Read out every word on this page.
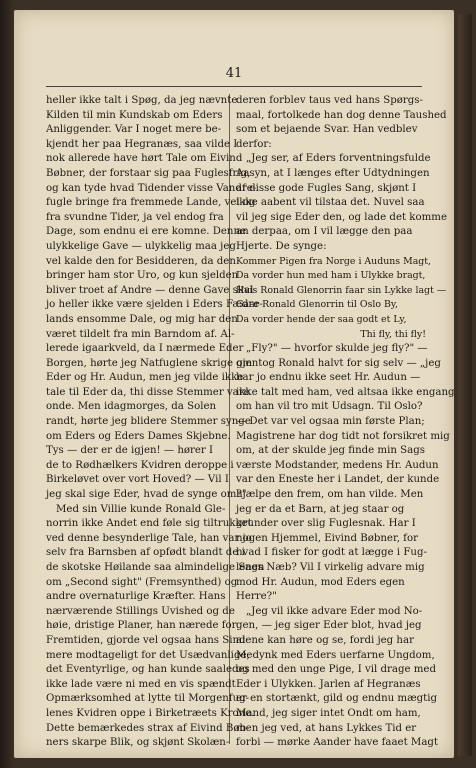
41
heller ikke talt i Spøg, da jeg nævnte
Kilden til min Kundskab om Eders
Anliggender. Var I noget mere be-
kjendt her paa Hegranæs, saa vilde I
nok allerede have hørt Tale om Eivind
Bøbner, der forstaar sig paa Fuglesfrig,
og kan tyde hvad Tidender visse Vandre-
fugle bringe fra fremmede Lande, vel og
fra svundne Tider, ja vel endog fra
Dage, som endnu ei ere komne. Denne
ulykkelige Gave — ulykkelig maa jeg
vel kalde den for Besidderen, da den
bringer ham stor Uro, og kun sjelden
bliver troet af Andre — denne Gave skal
jo heller ikke være sjelden i Eders Fædre-
lands ensomme Dale, og mig har den
været tildelt fra min Barndom af. Al-
lerede igaarkveld, da I nærmede Eder
Borgen, hørte jeg Natfuglene skrige om
Eder og Hr. Audun, men jeg vilde ikke
tale til Eder da, thi disse Stemmer vare
onde. Men idagmorges, da Solen
randt, hørte jeg blidere Stemmer synge
om Eders og Eders Dames Skjebne.
Tys — der er de igjen! — hører I
de to Rødhælkers Kvidren deroppe i
Birkeløvet over vort Hoved? — Vil I
jeg skal sige Eder, hvad de synge om?"
Med sin Villie kunde Ronald Gle-
norrin ikke Andet end føle sig tiltrukket
ved denne besynderlige Tale, han var jo
selv fra Barnsben af opfødt blandt de i
de skotske Høilande saa almindelige Sagn
om „Second sight" (Fremsynthed) og
andre overnaturlige Kræfter. Hans
nærværende Stillings Uvished og de
høie, dristige Planer, han nærede for
Fremtiden, gjorde vel ogsaa hans Sind
mere modtageligt for det Usædvanlige,
det Eventyrlige, og han kunde saaledes
ikke lade være ni med en vis spændt
Opmærksomhed at lytte til Morgenfug-
lenes Kvidren oppe i Birketræets Krone.
Dette bemærkedes strax af Eivind Bøb-
ners skarpe Blik, og skjønt Skolæn-
deren forblev taus ved hans Spørgs-
maal, fortolkede han dog denne Taushed
som et bejaende Svar. Han vedblev
derfor:
„Jeg ser, af Eders forventningsfulde
Aasyn, at I længes efter Udtydningen
af disse gode Fugles Sang, skjønt I
ikke aabent vil tilstaa det. Nuvel saa
vil jeg sige Eder den, og lade det komme
an derpaa, om I vil lægge den paa
Hjerte. De synge:
Kommer Pigen fra Norge i Auduns Magt,
Da vorder hun med ham i Ulykke bragt,
Hvis Ronald Glenorrin faar sin Lykke lagt —
Gaar Ronald Glenorrin til Oslo By,
Da vorder hende der saa godt et Ly,
Thi fly, thi fly!
„Fly?" — hvorfor skulde jeg fly?" —
gjentog Ronald halvt for sig selv — „jeg
har jo endnu ikke seet Hr. Audun —
ikke talt med ham, ved altsaa ikke engang
om han vil tro mit Udsagn. Til Oslo?
— Det var vel ogsaa min første Plan;
Magistrene har dog tidt not forsikret mig
om, at der skulde jeg finde min Sags
værste Modstander, medens Hr. Audun
var den Eneste her i Landet, der kunde
hjælpe den frem, om han vilde. Men
jeg er da et Barn, at jeg staar og
grunder over slig Fuglesnak. Har I
nogen Hjemmel, Eivind Bøbner, for
hvad I fisker for godt at lægge i Fug-
lenes Næb? Vil I virkelig advare mig
mod Hr. Audun, mod Eders egen
Herre?"
„Jeg vil ikke advare Eder mod No-
gen, — jeg siger Eder blot, hvad jeg
alene kan høre og se, fordi jeg har
Medynk med Eders uerfarne Ungdom,
og med den unge Pige, I vil drage med
Eder i Ulykken. Jarlen af Hegranæs
er en stortænkt, gild og endnu mægtig
Mand, jeg siger intet Ondt om ham,
men jeg ved, at hans Lykkes Tid er
forbi — mørke Aander have faaet Magt
